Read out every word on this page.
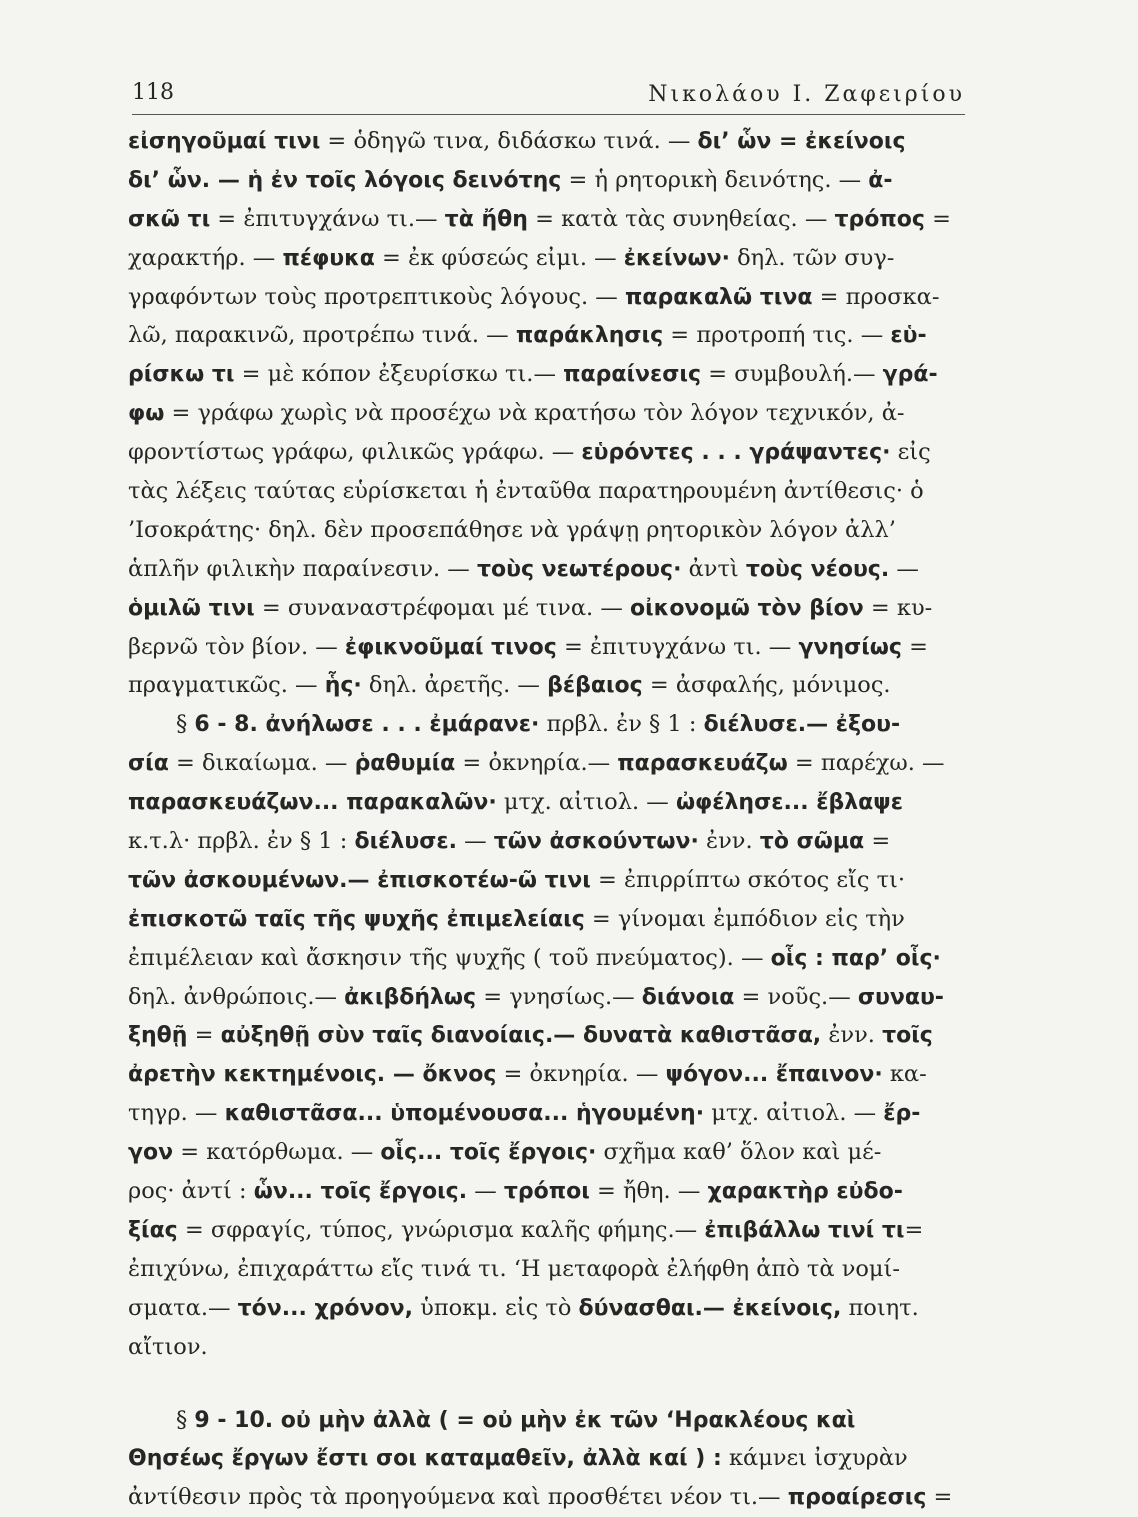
118	Νικολάου Ι. Ζαφειρίου
εἰσηγοῦμαί τινι = ὁδηγῶ τινα, διδάσκω τινά. — δι’ ὧν = ἐκείνοις
δι’ ὧν. — ἡ ἐν τοῖς λόγοις δεινότης = ἡ ρητορικὴ δεινότης. — ἀ-
σκῶ τι = ἐπιτυγχάνω τι.— τὰ ἤθη = κατὰ τὰς συνηθείας. — τρόπος =
χαρακτήρ. — πέφυκα = ἐκ φύσεώς εἰμι. — ἐκείνων· δηλ. τῶν συγ-
γραφόντων τοὺς προτρεπτικοὺς λόγους. — παρακαλῶ τινα = προσκα-
λῶ, παρακινῶ, προτρέπω τινά. — παράκλησις = προτροπή τις. — εὑ-
ρίσκω τι = μὲ κόπον ἐξευρίσκω τι.— παραίνεσις = συμβουλή.— γρά-
φω = γράφω χωρὶς νὰ προσέχω νὰ κρατήσω τὸν λόγον τεχνικόν, ἀ-
φροντίστως γράφω, φιλικῶς γράφω. — εὑρόντες . . . γράψαντες· εἰς
τὰς λέξεις ταύτας εὑρίσκεται ἡ ἐνταῦθα παρατηρουμένη ἀντίθεσις· ὁ
’Ισοκράτης· δηλ. δὲν προσεπάθησε νὰ γράψῃ ρητορικὸν λόγον ἀλλ’
ἁπλῆν φιλικὴν παραίνεσιν. — τοὺς νεωτέρους· ἀντὶ τοὺς νέους. —
ὁμιλῶ τινι = συναναστρέφομαι μέ τινα. — οἰκονομῶ τὸν βίον = κυ-
βερνῶ τὸν βίον. — ἐφικνοῦμαί τινος = ἐπιτυγχάνω τι. — γνησίως =
πραγματικῶς. — ἧς· δηλ. ἀρετῆς. — βέβαιος = ἀσφαλής, μόνιμος.
§ 6 - 8. ἀνήλωσε . . . ἐμάρανε· πρβλ. ἐν § 1 : διέλυσε.— ἐξου-
σία = δικαίωμα. — ῥαθυμία = ὀκνηρία.— παρασκευάζω = παρέχω. —
παρασκευάζων... παρακαλῶν· μτχ. αἰτιολ. — ὠφέλησε... ἔβλαψε
κ.τ.λ· πρβλ. ἐν § 1 : διέλυσε. — τῶν ἀσκούντων· ἐνν. τὸ σῶμα =
τῶν ἀσκουμένων.— ἐπισκοτέω-ῶ τινι = ἐπιρρίπτω σκότος εἴς τι·
ἐπισκοτῶ ταῖς τῆς ψυχῆς ἐπιμελείαις = γίνομαι ἐμπόδιον εἰς τὴν
ἐπιμέλειαν καὶ ἄσκησιν τῆς ψυχῆς ( τοῦ πνεύματος). — οἷς : παρ’ οἷς·
δηλ. ἀνθρώποις.— ἀκιβδήλως = γνησίως.— διάνοια = νοῦς.— συναυ-
ξηθῇ = αὐξηθῇ σὺν ταῖς διανοίαις.— δυνατὰ καθιστᾶσα, ἐνν. τοῖς
ἀρετὴν κεκτημένοις. — ὄκνος = ὀκνηρία. — ψόγον... ἔπαινον· κα-
τηγρ. — καθιστᾶσα... ὑπομένουσα... ἡγουμένη· μτχ. αἰτιολ. — ἔρ-
γον = κατόρθωμα. — οἷς... τοῖς ἔργοις· σχῆμα καθ’ ὅλον καὶ μέ-
ρος· ἀντί : ὧν... τοῖς ἔργοις. — τρόποι = ἤθη. — χαρακτὴρ εὐδο-
ξίας = σφραγίς, τύπος, γνώρισμα καλῆς φήμης.— ἐπιβάλλω τινί τι=
ἐπιχύνω, ἐπιχαράττω εἴς τινά τι. ‘Η μεταφορὰ ἐλήφθη ἀπὸ τὰ νομί-
σματα.— τόν... χρόνον, ὑποκμ. εἰς τὸ δύνασθαι.— ἐκείνοις, ποιητ.
αἴτιον.
§ 9 - 10. οὐ μὴν ἀλλὰ ( = οὐ μὴν ἐκ τῶν ‘Ηρακλέους καὶ
Θησέως ἔργων ἔστι σοι καταμαθεῖν, ἀλλὰ καί ) : κάμνει ἰσχυρὰν
ἀντίθεσιν πρὸς τὰ προηγούμενα καὶ προσθέτει νέον τι.— προαίρεσις =
